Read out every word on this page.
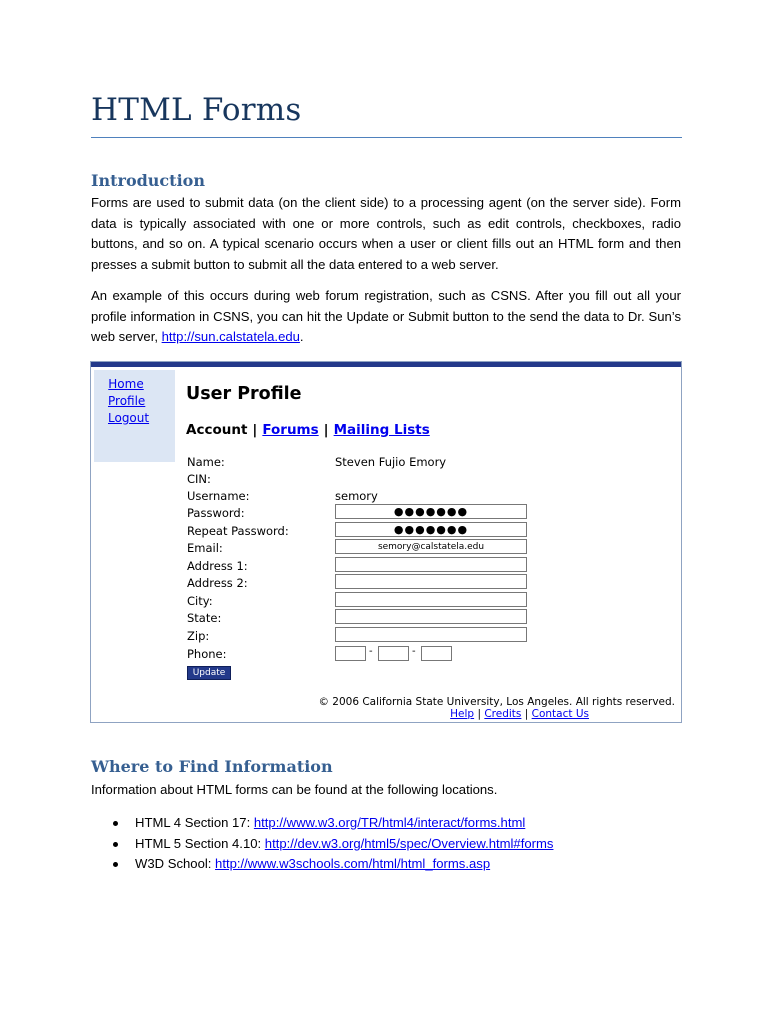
HTML Forms
Introduction

Forms are used to submit data (on the client side) to a processing agent (on the server side). Form data is typically associated with one or more controls, such as edit controls, checkboxes, radio buttons, and so on. A typical scenario occurs when a user or client fills out an HTML form and then presses a submit button to submit all the data entered to a web server.

An example of this occurs during web forum registration, such as CSNS. After you fill out all your profile information in CSNS, you can hit the Update or Submit button to the send the data to Dr. Sun’s web server, http://sun.calstatela.edu.

Home
Profile
Logout
User Profile
Account | Forums | Mailing Lists
Name:	Steven Fujio Emory
CIN:
Username:	semory
Password:	●●●●●●●
Repeat Password:	●●●●●●●
Email:
semory@calstatela.edu
Address 1:
Address 2:
City:
State:
Zip:
Phone:	-	-
Update
© 2006 California State University, Los Angeles. All rights reserved.
Help | Credits | Contact Us
Where to Find Information

Information about HTML forms can be found at the following locations.

HTML 4 Section 17: http://www.w3.org/TR/html4/interact/forms.html
HTML 5 Section 4.10: http://dev.w3.org/html5/spec/Overview.html#forms
W3D School: http://www.w3schools.com/html/html_forms.asp
